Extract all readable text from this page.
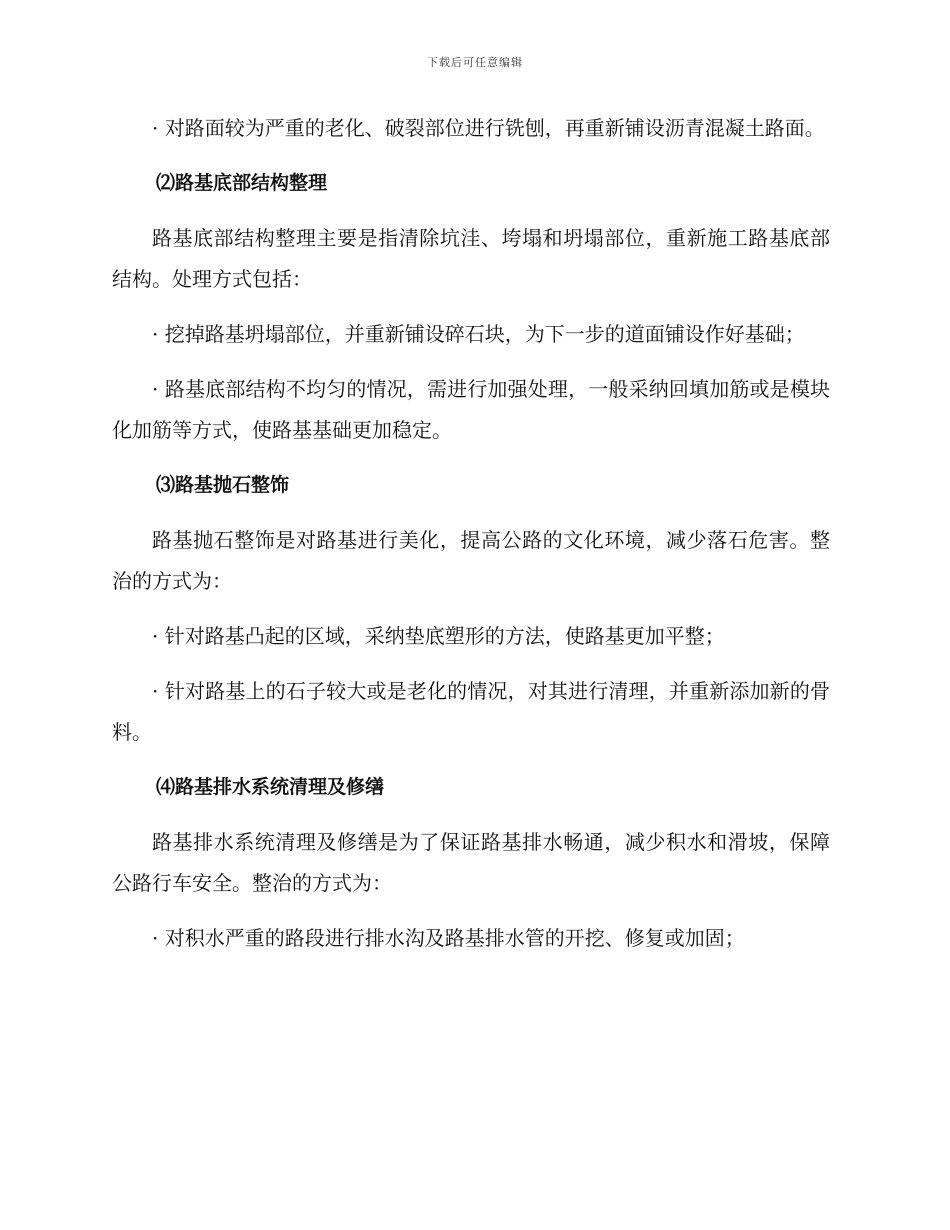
下载后可任意编辑

· 对路面较为严重的老化、破裂部位进行铣刨，再重新铺设沥青混凝土路面。

⑵路基底部结构整理

路基底部结构整理主要是指清除坑洼、垮塌和坍塌部位，重新施工路基底部结构。处理方式包括：

· 挖掉路基坍塌部位，并重新铺设碎石块，为下一步的道面铺设作好基础；

· 路基底部结构不均匀的情况，需进行加强处理，一般采纳回填加筋或是模块化加筋等方式，使路基基础更加稳定。

⑶路基抛石整饰

路基抛石整饰是对路基进行美化，提高公路的文化环境，减少落石危害。整治的方式为：

· 针对路基凸起的区域，采纳垫底塑形的方法，使路基更加平整；

· 针对路基上的石子较大或是老化的情况，对其进行清理，并重新添加新的骨料。

⑷路基排水系统清理及修缮

路基排水系统清理及修缮是为了保证路基排水畅通，减少积水和滑坡，保障公路行车安全。整治的方式为：

· 对积水严重的路段进行排水沟及路基排水管的开挖、修复或加固；
